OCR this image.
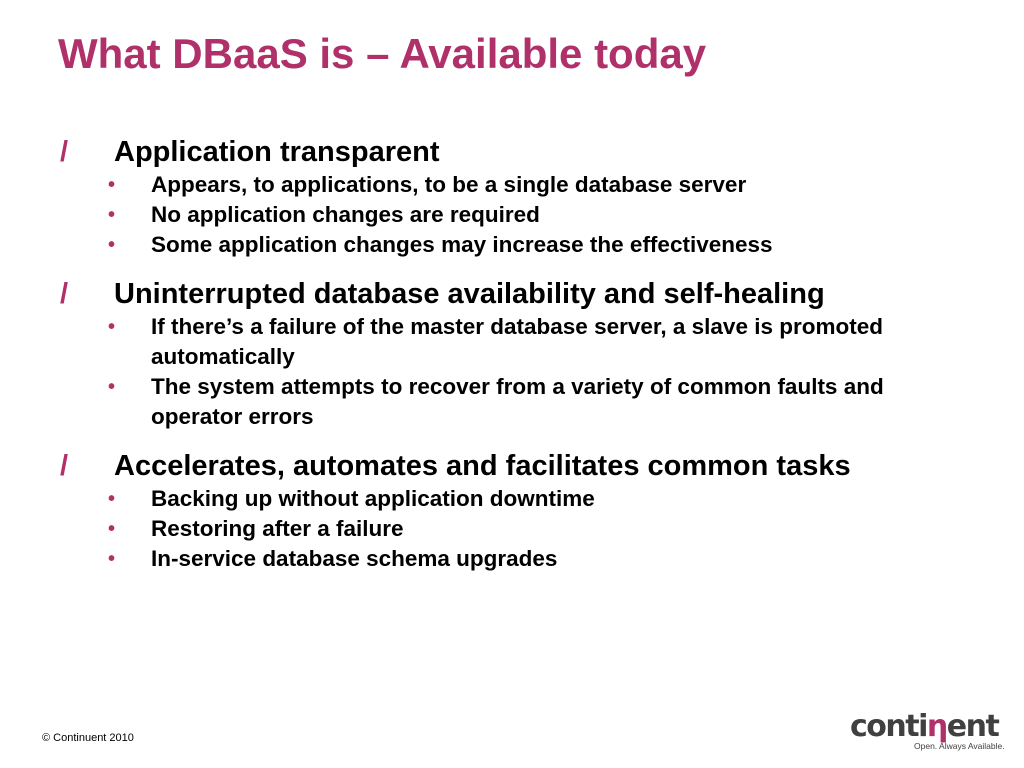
What DBaaS is – Available today
/	Application transparent
•	Appears, to applications, to be a single database server
•	No application changes are required
•	Some application changes may increase the effectiveness
/	Uninterrupted database availability and self-healing
•	If there’s a failure of the master database server, a slave is promoted automatically
•	The system attempts to recover from a variety of common faults and operator errors
/	Accelerates, automates and facilitates common tasks
•	Backing up without application downtime
•	Restoring after a failure
•	In-service database schema upgrades
© Continuent 2010	contiηent
Open. Always Available.
